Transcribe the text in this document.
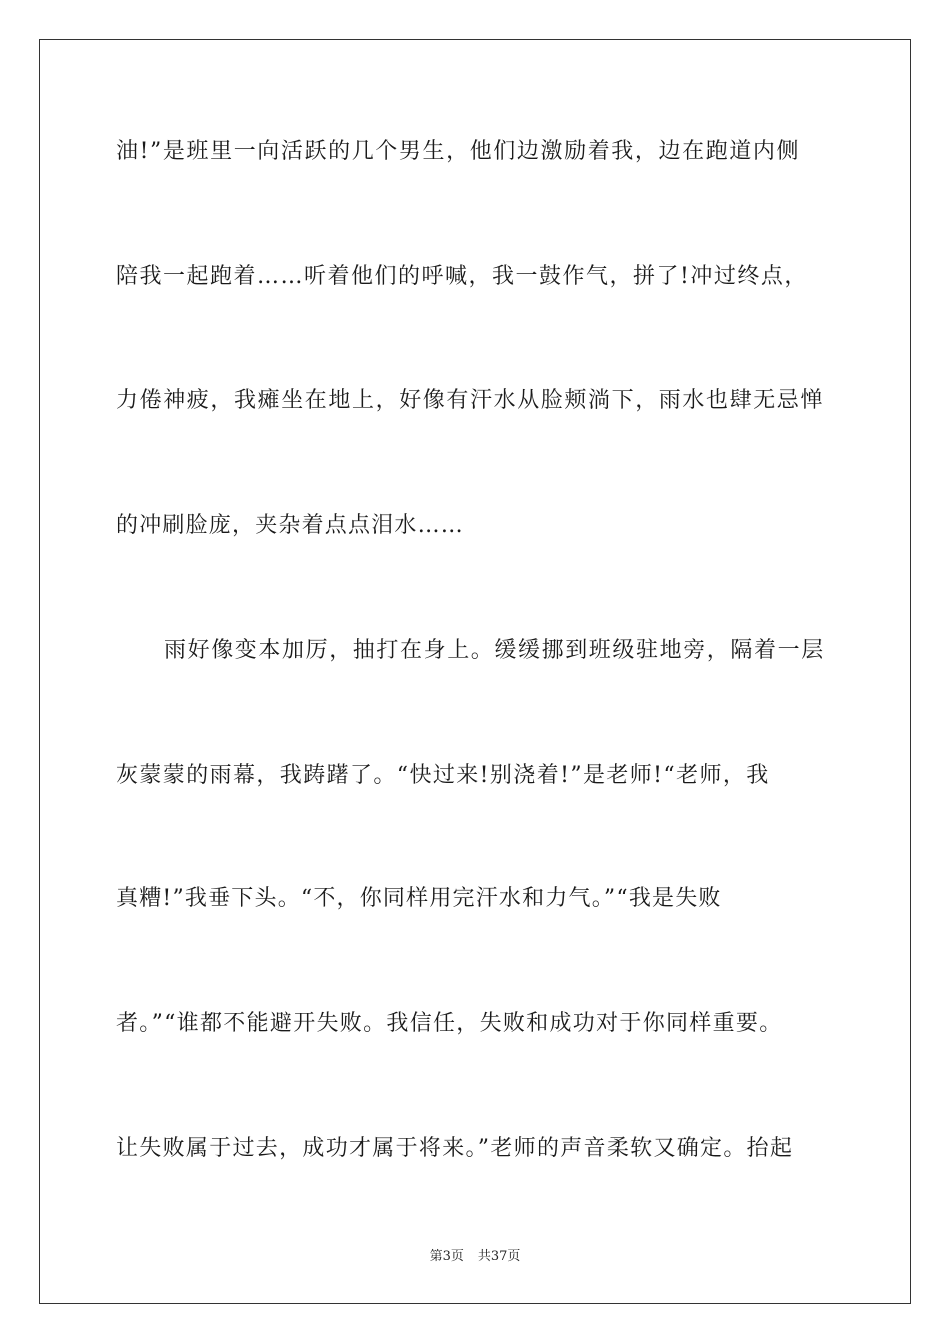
油!”是班里一向活跃的几个男生，他们边激励着我，边在跑道内侧
陪我一起跑着……听着他们的呼喊，我一鼓作气，拼了!冲过终点，
力倦神疲，我瘫坐在地上，好像有汗水从脸颊淌下，雨水也肆无忌惮
的冲刷脸庞，夹杂着点点泪水……
雨好像变本加厉，抽打在身上。缓缓挪到班级驻地旁，隔着一层
灰蒙蒙的雨幕，我踌躇了。“快过来!别浇着!”是老师!“老师，我
真糟!”我垂下头。“不，你同样用完汗水和力气。”“我是失败
者。”“谁都不能避开失败。我信任，失败和成功对于你同样重要。
让失败属于过去，成功才属于将来。”老师的声音柔软又确定。抬起
第3页 共37页
